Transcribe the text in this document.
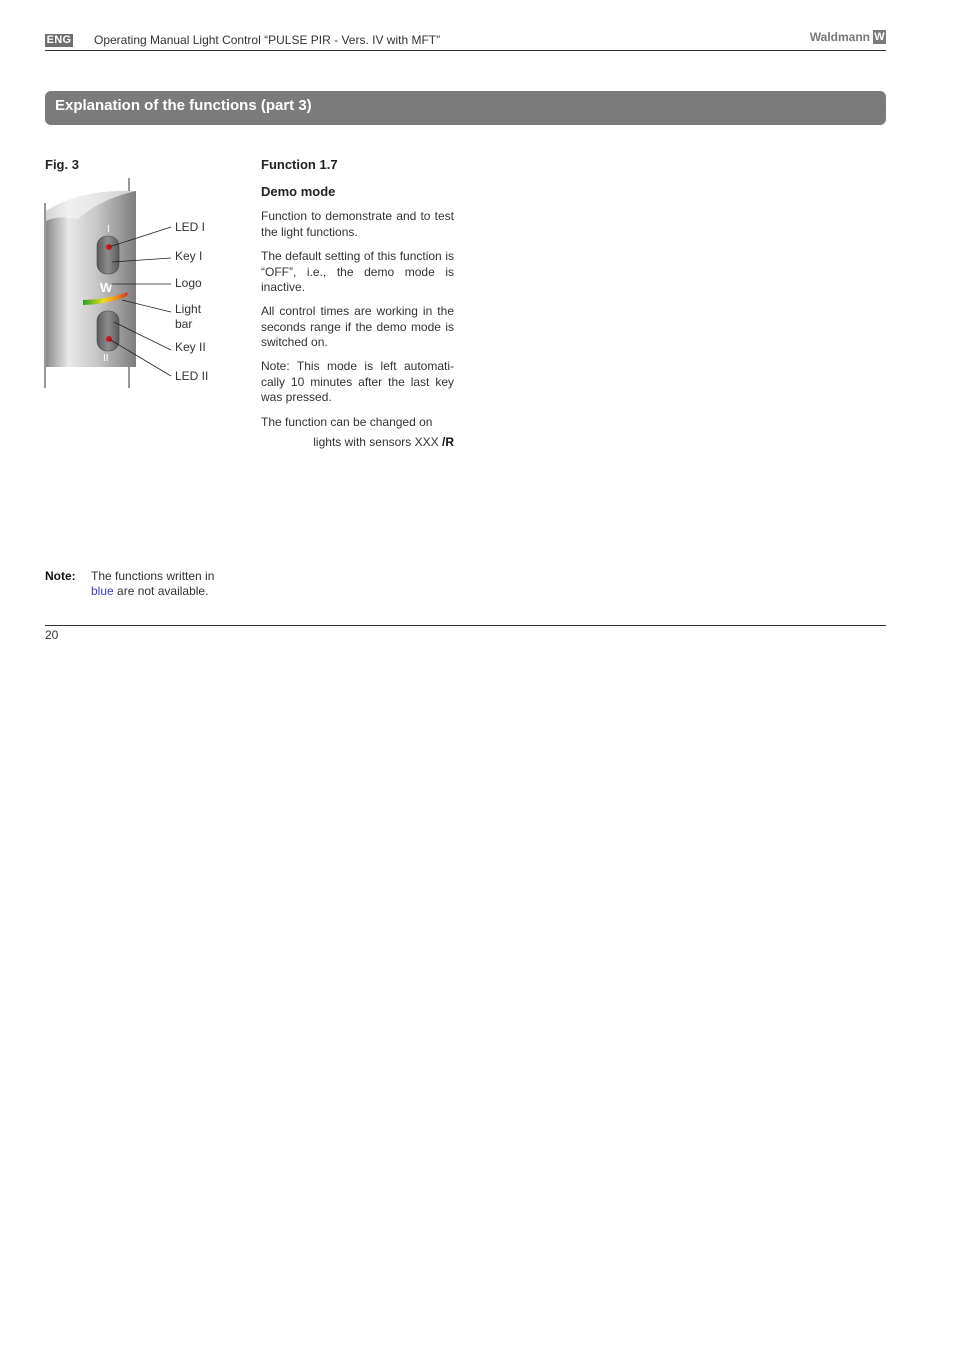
ENG Operating Manual Light Control “PULSE PIR - Vers. IV with MFT”	Waldmann W
Explanation of the functions (part 3)
Fig. 3
I
W
II
LED I
Key I
Logo
Light
bar
Key II
LED II
Function 1.7
Demo mode
Function to demonstrate and to test the light functions.
The default setting of this function is “OFF”, i.e., the demo mode is inactive.
All control times are working in the seconds range if the demo mode is switched on.
Note: This mode is left automati-cally 10 minutes after the last key was pressed.
The function can be changed on
lights with sensors XXX /R
Note: The functions written in
blue are not available.
20
